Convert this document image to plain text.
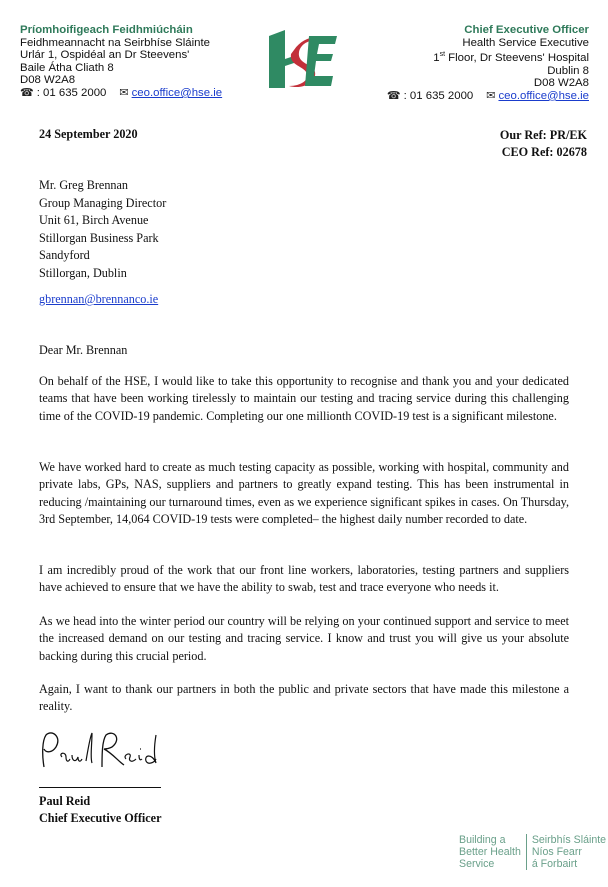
Príomhoifigeach Feidhmiúcháin
Feidhmeannacht na Seirbhíse Sláinte
Urlár 1, Ospidéal an Dr Steevens'
Baile Átha Cliath 8
D08 W2A8
☎ : 01 635 2000 ✉ ceo.office@hse.ie
Chief Executive Officer
Health Service Executive
1st Floor, Dr Steevens' Hospital
Dublin 8
D08 W2A8
☎ : 01 635 2000 ✉ ceo.office@hse.ie
24 September 2020	Our Ref: PR/EK
CEO Ref: 02678
Mr. Greg Brennan
Group Managing Director
Unit 61, Birch Avenue
Stillorgan Business Park
Sandyford
Stillorgan, Dublin
gbrennan@brennanco.ie
Dear Mr. Brennan

On behalf of the HSE, I would like to take this opportunity to recognise and thank you and your dedicated teams that have been working tirelessly to maintain our testing and tracing service during this challenging time of the COVID-19 pandemic. Completing our one millionth COVID-19 test is a significant milestone.

We have worked hard to create as much testing capacity as possible, working with hospital, community and private labs, GPs, NAS, suppliers and partners to greatly expand testing. This has been instrumental in reducing /maintaining our turnaround times, even as we experience significant spikes in cases. On Thursday, 3rd September, 14,064 COVID-19 tests were completed– the highest daily number recorded to date.

I am incredibly proud of the work that our front line workers, laboratories, testing partners and suppliers have achieved to ensure that we have the ability to swab, test and trace everyone who needs it.

As we head into the winter period our country will be relying on your continued support and service to meet the increased demand on our testing and tracing service. I know and trust you will give us your absolute backing during this crucial period.

Again, I want to thank our partners in both the public and private sectors that have made this milestone a reality.

Paul Reid
Chief Executive Officer
Building a
Better Health
Service
Seirbhís Sláinte
Níos Fearr
á Forbairt
